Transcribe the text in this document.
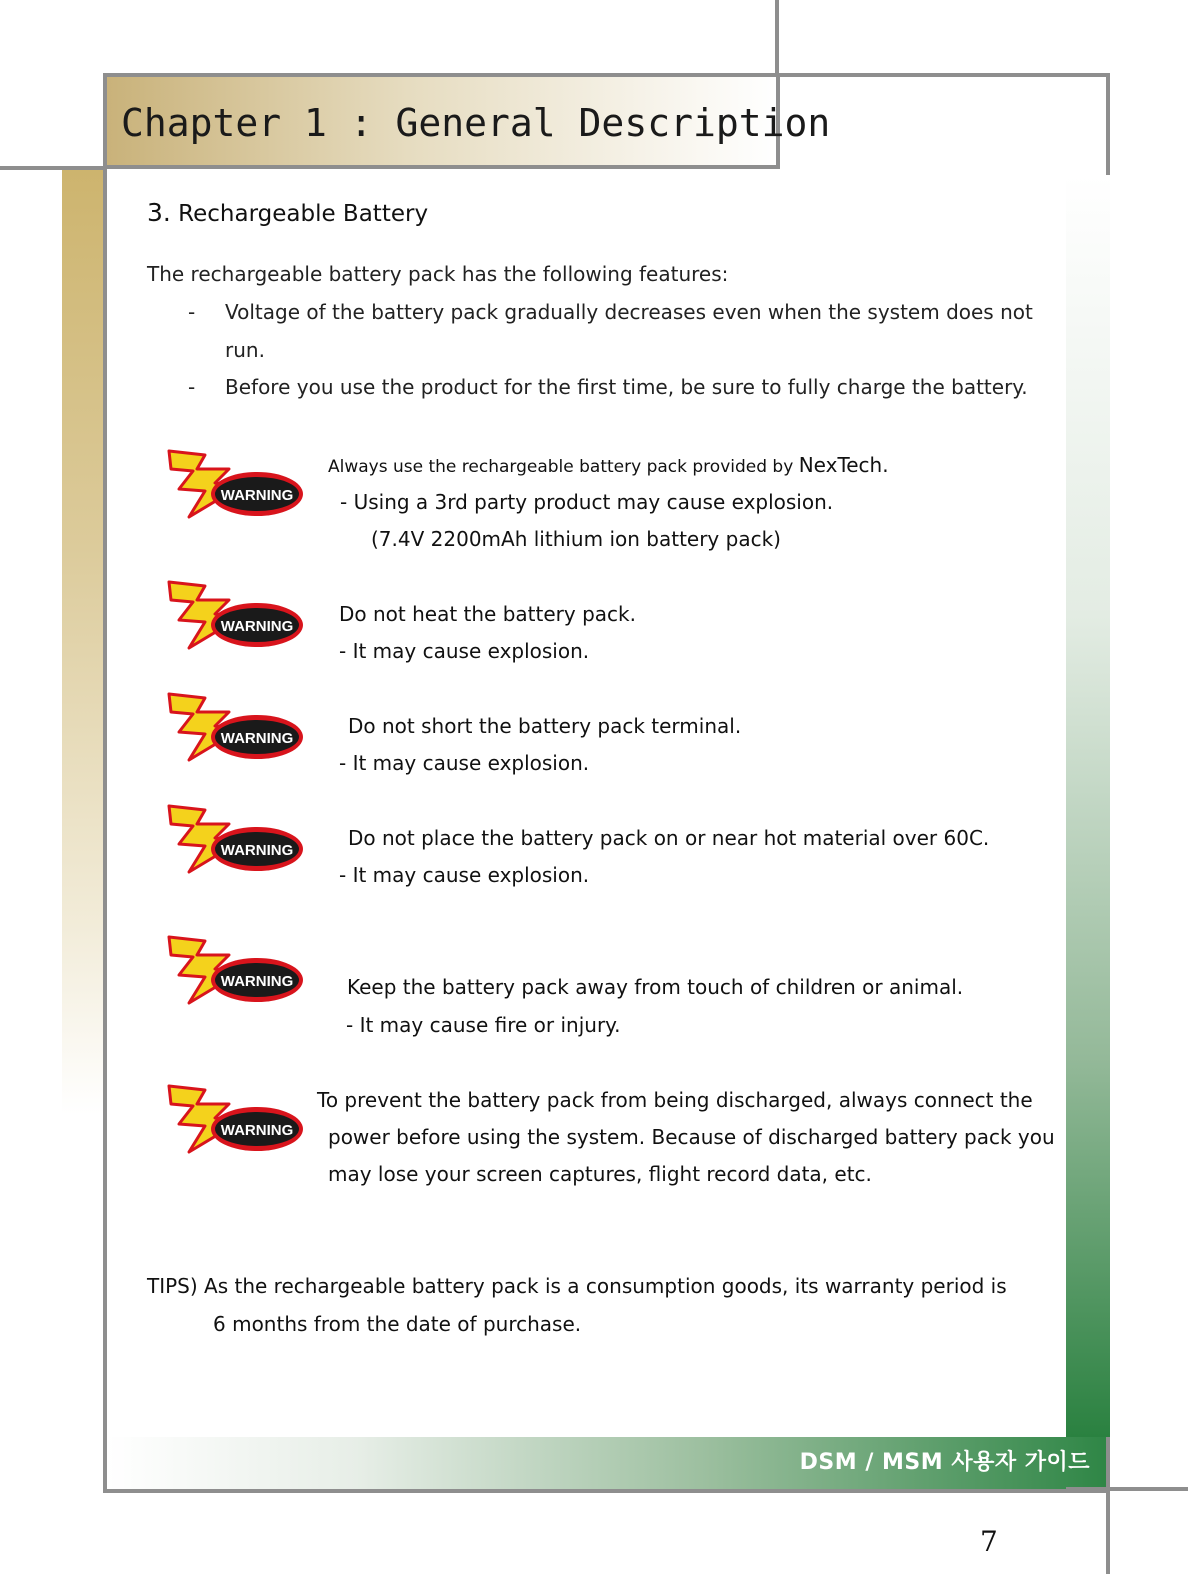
Chapter 1 : General Description
3. Rechargeable Battery
The rechargeable battery pack has the following features:
- Voltage of the battery pack gradually decreases even when the system does not
run.
- Before you use the product for the first time, be sure to fully charge the battery.
WARNING
WARNING
WARNING
WARNING
WARNING
WARNING
Always use the rechargeable battery pack provided by NexTech.
- Using a 3rd party product may cause explosion.
(7.4V 2200mAh lithium ion battery pack)
Do not heat the battery pack.
- It may cause explosion.
Do not short the battery pack terminal.
- It may cause explosion.
Do not place the battery pack on or near hot material over 60C.
- It may cause explosion.
Keep the battery pack away from touch of children or animal.
- It may cause fire or injury.
To prevent the battery pack from being discharged, always connect the
power before using the system. Because of discharged battery pack you
may lose your screen captures, flight record data, etc.
TIPS) As the rechargeable battery pack is a consumption goods, its warranty period is
6 months from the date of purchase.
DSM / MSM 사용자 가이드
7
